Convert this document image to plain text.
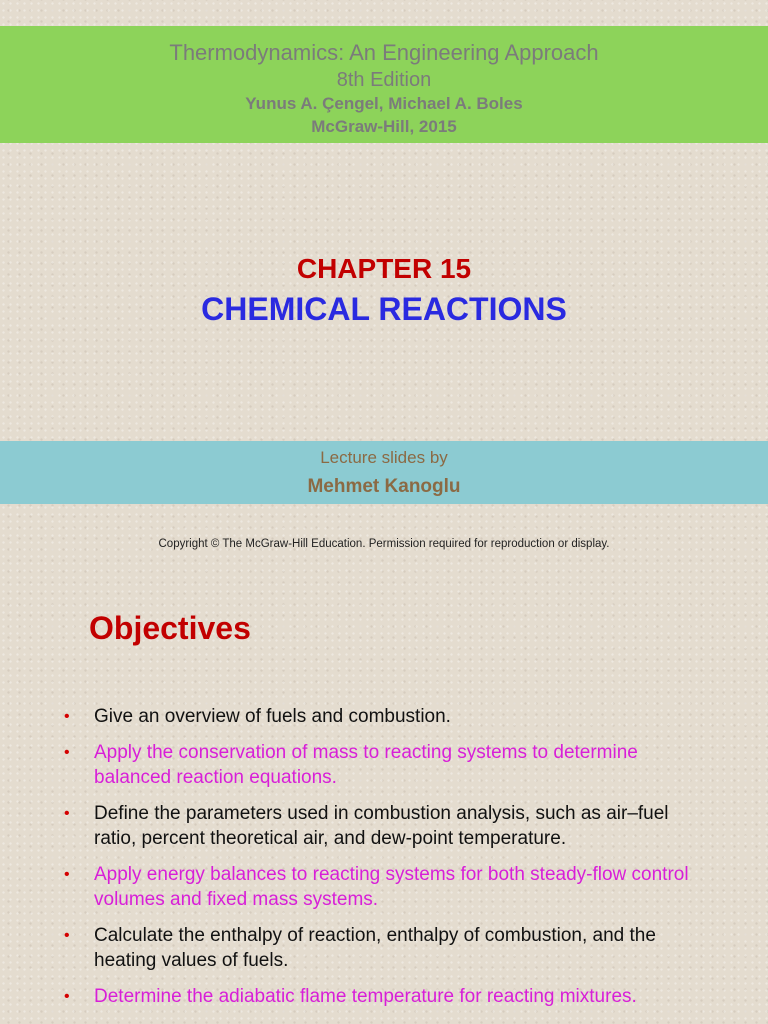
Thermodynamics: An Engineering Approach
8th Edition
Yunus A. Çengel, Michael A. Boles
McGraw-Hill, 2015
CHAPTER 15
CHEMICAL REACTIONS
Lecture slides by
Mehmet Kanoglu
Copyright © The McGraw-Hill Education. Permission required for reproduction or display.
Objectives
• Give an overview of fuels and combustion.
• Apply the conservation of mass to reacting systems to determine balanced reaction equations.
• Define the parameters used in combustion analysis, such as air–fuel ratio, percent theoretical air, and dew-point temperature.
• Apply energy balances to reacting systems for both steady-flow control volumes and fixed mass systems.
• Calculate the enthalpy of reaction, enthalpy of combustion, and the heating values of fuels.
• Determine the adiabatic flame temperature for reacting mixtures.
